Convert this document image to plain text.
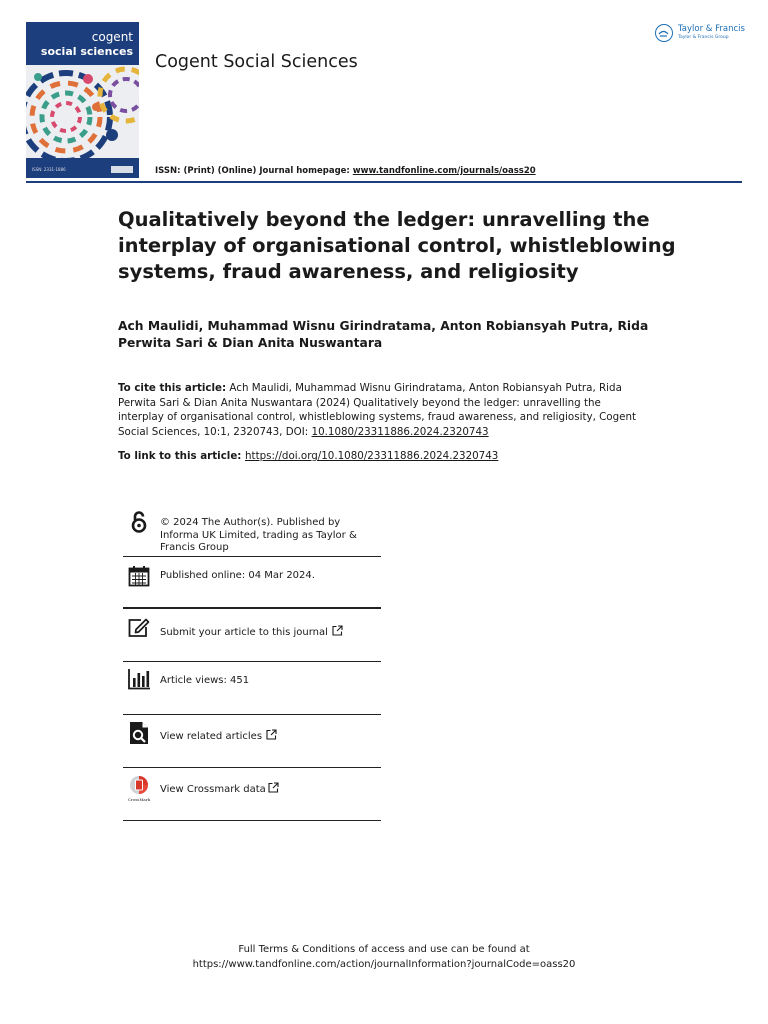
cogent
social sciences
ISSN: 2331-1886
Cogent Social Sciences
Taylor & Francis
Taylor & Francis Group
ISSN: (Print) (Online) Journal homepage: www.tandfonline.com/journals/oass20
Qualitatively beyond the ledger: unravelling the interplay of organisational control, whistleblowing systems, fraud awareness, and religiosity
Ach Maulidi, Muhammad Wisnu Girindratama, Anton Robiansyah Putra, Rida Perwita Sari & Dian Anita Nuswantara
To cite this article: Ach Maulidi, Muhammad Wisnu Girindratama, Anton Robiansyah Putra, Rida Perwita Sari & Dian Anita Nuswantara (2024) Qualitatively beyond the ledger: unravelling the interplay of organisational control, whistleblowing systems, fraud awareness, and religiosity, Cogent Social Sciences, 10:1, 2320743, DOI: 10.1080/23311886.2024.2320743
To link to this article: https://doi.org/10.1080/23311886.2024.2320743
© 2024 The Author(s). Published by Informa UK Limited, trading as Taylor & Francis Group
Published online: 04 Mar 2024.
Submit your article to this journal
Article views: 451
View related articles
CrossMark
View Crossmark data
Full Terms & Conditions of access and use can be found at
https://www.tandfonline.com/action/journalInformation?journalCode=oass20
